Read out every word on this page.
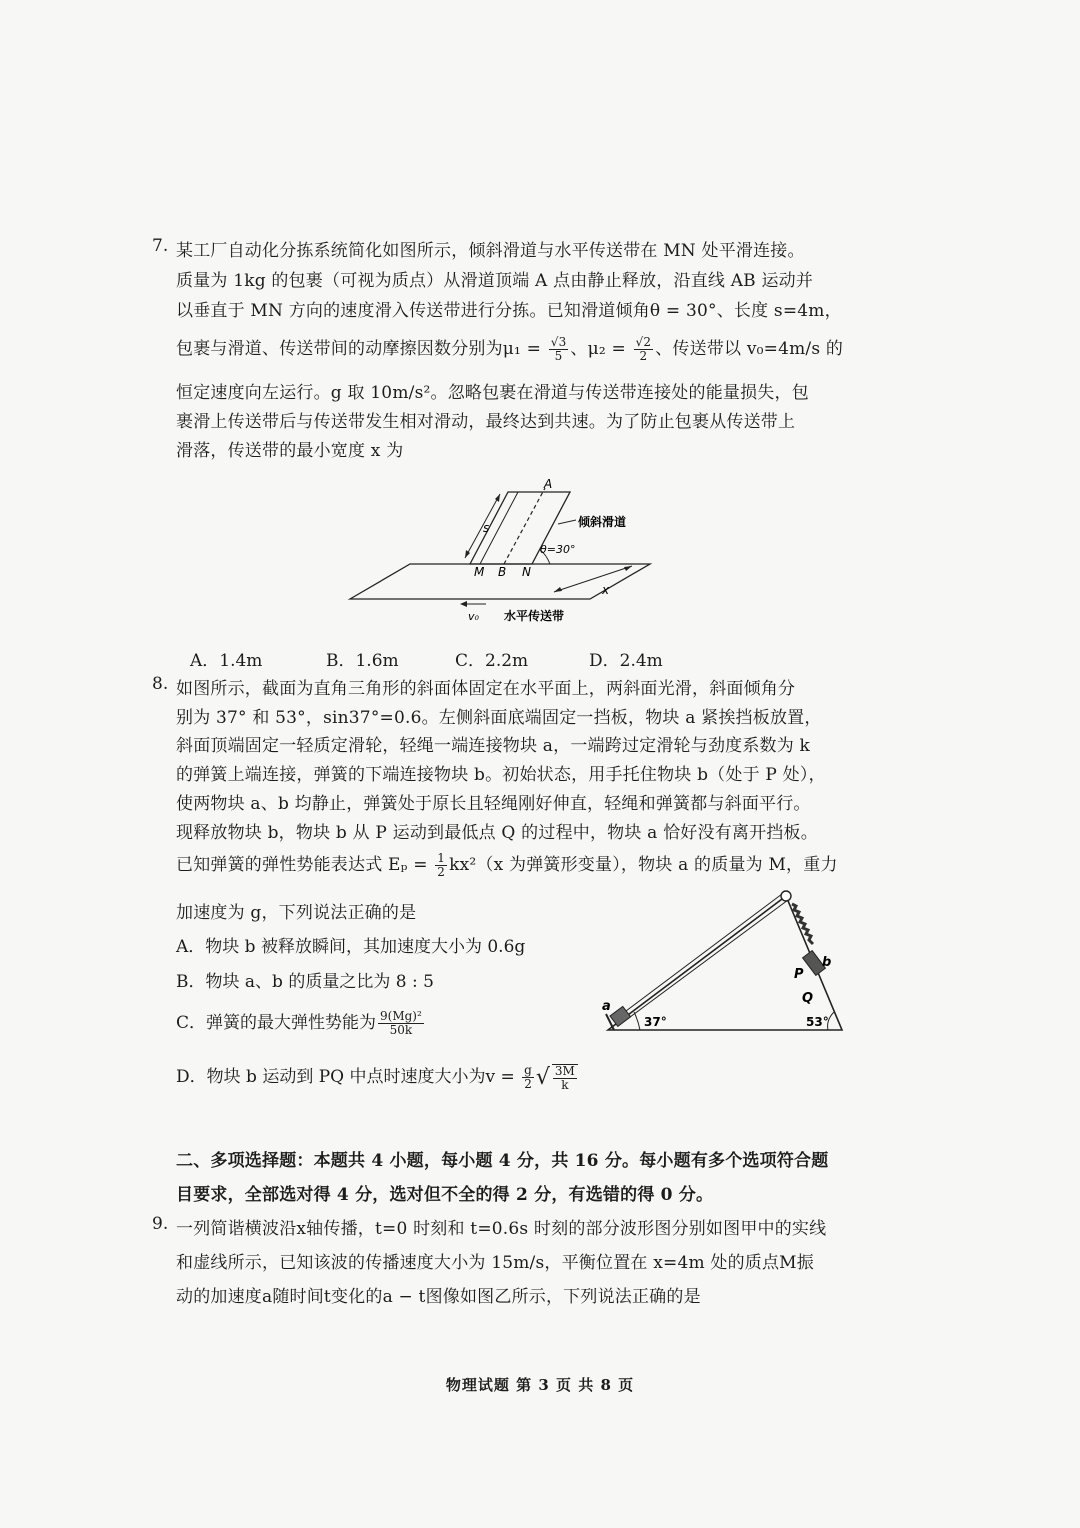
7. 某工厂自动化分拣系统简化如图所示，倾斜滑道与水平传送带在 MN 处平滑连接。
质量为 1kg 的包裹（可视为质点）从滑道顶端 A 点由静止释放，沿直线 AB 运动并
以垂直于 MN 方向的速度滑入传送带进行分拣。已知滑道倾角θ = 30°、长度 s=4m，
包裹与滑道、传送带间的动摩擦因数分别为$\mu_1 = \frac{√3}{5}$ 、$\mu_2 = \frac{√2}{2}$ 、传送带以 v₀=4m/s 的
恒定速度向左运行。g 取 10m/s²。忽略包裹在滑道与传送带连接处的能量损失，包
裹滑上传送带后与传送带发生相对滑动，最终达到共速。为了防止包裹从传送带上
滑落，传送带的最小宽度 x 为
A
s	倾斜滑道
θ=30°
M B N
x
v₀ 水平传送带
A．1.4m	B．1.6m	C．2.2m	D．2.4m
8. 如图所示，截面为直角三角形的斜面体固定在水平面上，两斜面光滑，斜面倾角分
别为 37° 和 53°，sin37°=0.6。左侧斜面底端固定一挡板，物块 a 紧挨挡板放置，
斜面顶端固定一轻质定滑轮，轻绳一端连接物块 a，一端跨过定滑轮与劲度系数为 k
的弹簧上端连接，弹簧的下端连接物块 b。初始状态，用手托住物块 b（处于 P 处），
使两物块 a、b 均静止，弹簧处于原长且轻绳刚好伸直，轻绳和弹簧都与斜面平行。
现释放物块 b，物块 b 从 P 运动到最低点 Q 的过程中，物块 a 恰好没有离开挡板。
已知弹簧的弹性势能表达式 $E_p = \frac{1}{2} kx^2(x$ 为弹簧形变量），物块 a 的质量为 M，重力
加速度为 g，下列说法正确的是
A．物块 b 被释放瞬间，其加速度大小为 0.6g
B．物块 a、b 的质量之比为 8 : 5
C．弹簧的最大弹性势能为 $\frac{\text{9(Mg)²}}{50k}$
D．物块 b 运动到 PQ 中点时速度大小为$v = \frac{g}{2}$ √ $\frac{3M}{k}$
a
b
P
Q
37°	53°
二、多项选择题：本题共 4 小题，每小题 4 分，共 16 分。每小题有多个选项符合题
目要求，全部选对得 4 分，选对但不全的得 2 分，有选错的得 0 分。
9. 一列简谐横波沿x轴传播，t=0 时刻和 t=0.6s 时刻的部分波形图分别如图甲中的实线
和虚线所示，已知该波的传播速度大小为 15m/s，平衡位置在 x=4m 处的质点M振
动的加速度a随时间t变化的a − t图像如图乙所示，下列说法正确的是
物理试题 第 3 页 共 8 页
